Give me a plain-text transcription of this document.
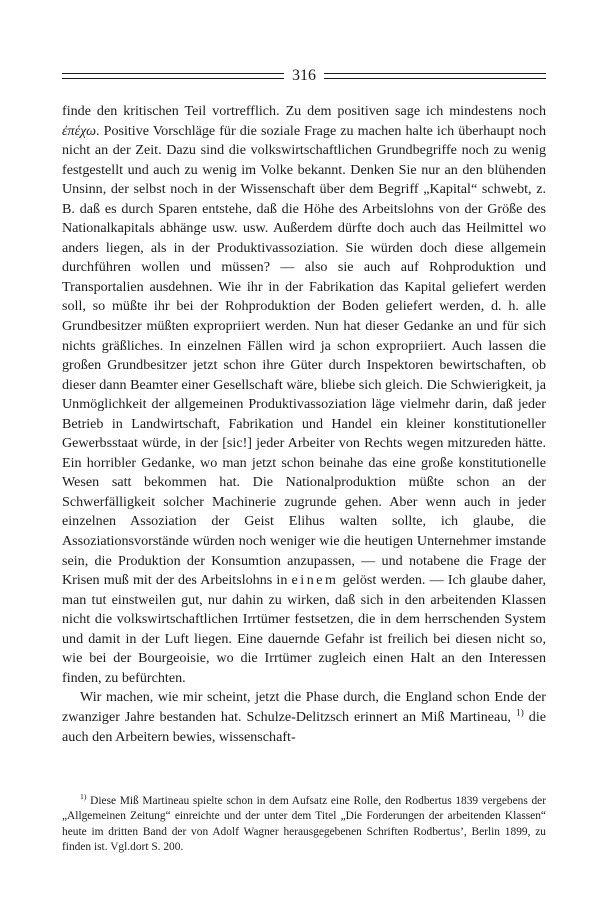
316

finde den kritischen Teil vortrefflich. Zu dem positiven sage ich mindestens noch ἐπέχω. Positive Vorschläge für die soziale Frage zu machen halte ich überhaupt noch nicht an der Zeit. Dazu sind die volkswirtschaftlichen Grundbegriffe noch zu wenig festgestellt und auch zu wenig im Volke bekannt. Denken Sie nur an den blühenden Unsinn, der selbst noch in der Wissenschaft über dem Begriff „Kapital“ schwebt, z. B. daß es durch Sparen entstehe, daß die Höhe des Arbeitslohns von der Größe des Nationalkapitals abhänge usw. usw. Außerdem dürfte doch auch das Heilmittel wo anders liegen, als in der Produktivassoziation. Sie würden doch diese allgemein durchführen wollen und müssen? — also sie auch auf Rohproduktion und Transportalien ausdehnen. Wie ihr in der Fabrikation das Kapital geliefert werden soll, so müßte ihr bei der Rohproduktion der Boden geliefert werden, d. h. alle Grundbesitzer müßten expropriiert werden. Nun hat dieser Gedanke an und für sich nichts gräßliches. In einzelnen Fällen wird ja schon expropriiert. Auch lassen die großen Grundbesitzer jetzt schon ihre Güter durch Inspektoren bewirtschaften, ob dieser dann Beamter einer Gesellschaft wäre, bliebe sich gleich. Die Schwierigkeit, ja Unmöglichkeit der allgemeinen Produktivassoziation läge vielmehr darin, daß jeder Betrieb in Landwirtschaft, Fabrikation und Handel ein kleiner konstitutioneller Gewerbsstaat würde, in der [sic!] jeder Arbeiter von Rechts wegen mitzureden hätte. Ein horribler Gedanke, wo man jetzt schon beinahe das eine große konstitutionelle Wesen satt bekommen hat. Die Nationalproduktion müßte schon an der Schwerfälligkeit solcher Machinerie zugrunde gehen. Aber wenn auch in jeder einzelnen Assoziation der Geist Elihus walten sollte, ich glaube, die Assoziationsvorstände würden noch weniger wie die heutigen Unternehmer imstande sein, die Produktion der Konsumtion anzupassen, — und notabene die Frage der Krisen muß mit der des Arbeitslohns in einem gelöst werden. — Ich glaube daher, man tut einstweilen gut, nur dahin zu wirken, daß sich in den arbeitenden Klassen nicht die volkswirtschaftlichen Irrtümer festsetzen, die in dem herrschenden System und damit in der Luft liegen. Eine dauernde Gefahr ist freilich bei diesen nicht so, wie bei der Bourgeoisie, wo die Irrtümer zugleich einen Halt an den Interessen finden, zu befürchten.

Wir machen, wie mir scheint, jetzt die Phase durch, die England schon Ende der zwanziger Jahre bestanden hat. Schulze-Delitzsch erinnert an Miß Martineau, $^{1)}$ die auch den Arbeitern bewies, wissenschaft-

$^{1)}$ Diese Miß Martineau spielte schon in dem Aufsatz eine Rolle, den Rodbertus 1839 vergebens der „Allgemeinen Zeitung“ einreichte und der unter dem Titel „Die Forderungen der arbeitenden Klassen“ heute im dritten Band der von Adolf Wagner herausgegebenen Schriften Rodbertus’, Berlin 1899, zu finden ist. Vgl.dort S. 200.
